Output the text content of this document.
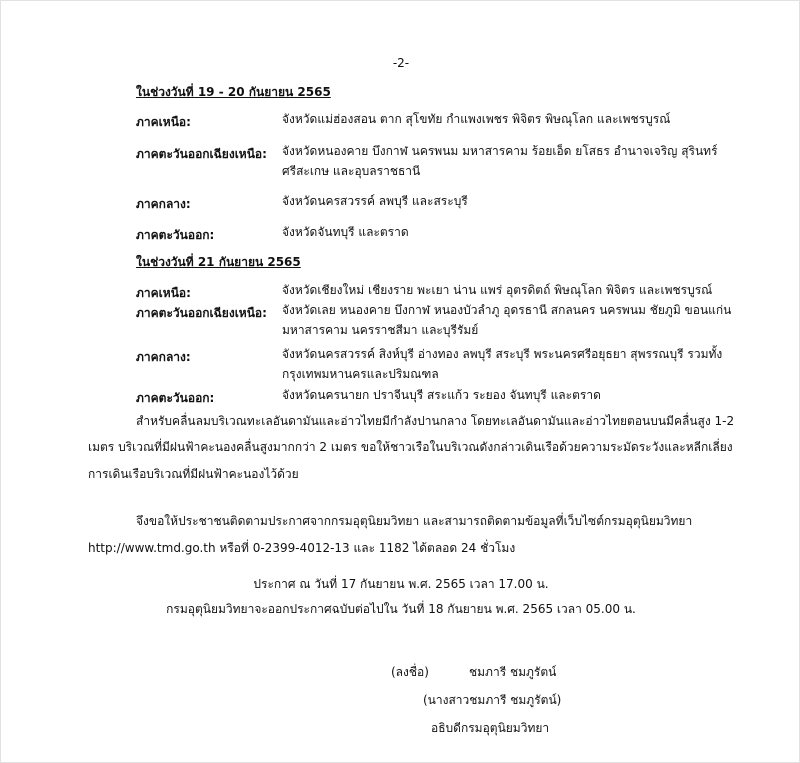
-2-
ในช่วงวันที่ 19 - 20 กันยายน 2565
ภาคเหนือ:	จังหวัดแม่ฮ่องสอน ตาก สุโขทัย กำแพงเพชร พิจิตร พิษณุโลก และเพชรบูรณ์
ภาคตะวันออกเฉียงเหนือ: จังหวัดหนองคาย บึงกาฬ นครพนม มหาสารคาม ร้อยเอ็ด ยโสธร อำนาจเจริญ สุรินทร์
ศรีสะเกษ และอุบลราชธานี
ภาคกลาง:	จังหวัดนครสวรรค์ ลพบุรี และสระบุรี
ภาคตะวันออก:	จังหวัดจันทบุรี และตราด
ในช่วงวันที่ 21 กันยายน 2565
ภาคเหนือ:	จังหวัดเชียงใหม่ เชียงราย พะเยา น่าน แพร่ อุตรดิตถ์ พิษณุโลก พิจิตร และเพชรบูรณ์
ภาคตะวันออกเฉียงเหนือ: จังหวัดเลย หนองคาย บึงกาฬ หนองบัวลำภู อุดรธานี สกลนคร นครพนม ชัยภูมิ ขอนแก่น
มหาสารคาม นครราชสีมา และบุรีรัมย์
ภาคกลาง:	จังหวัดนครสวรรค์ สิงห์บุรี อ่างทอง ลพบุรี สระบุรี พระนครศรีอยุธยา สุพรรณบุรี รวมทั้ง
กรุงเทพมหานครและปริมณฑล
ภาคตะวันออก:	จังหวัดนครนายก ปราจีนบุรี สระแก้ว ระยอง จันทบุรี และตราด
สำหรับคลื่นลมบริเวณทะเลอันดามันและอ่าวไทยมีกำลังปานกลาง โดยทะเลอันดามันและอ่าวไทยตอนบนมีคลื่นสูง 1-2
เมตร บริเวณที่มีฝนฟ้าคะนองคลื่นสูงมากกว่า 2 เมตร ขอให้ชาวเรือในบริเวณดังกล่าวเดินเรือด้วยความระมัดระวังและหลีกเลี่ยง
การเดินเรือบริเวณที่มีฝนฟ้าคะนองไว้ด้วย
จึงขอให้ประชาชนติดตามประกาศจากกรมอุตุนิยมวิทยา และสามารถติดตามข้อมูลที่เว็บไซต์กรมอุตุนิยมวิทยา
http://www.tmd.go.th หรือที่ 0-2399-4012-13 และ 1182 ได้ตลอด 24 ชั่วโมง
ประกาศ ณ วันที่ 17 กันยายน พ.ศ. 2565 เวลา 17.00 น.
กรมอุตุนิยมวิทยาจะออกประกาศฉบับต่อไปใน วันที่ 18 กันยายน พ.ศ. 2565 เวลา 05.00 น.
(ลงชื่อ)	ชมภารี ชมภูรัตน์
(นางสาวชมภารี ชมภูรัตน์)
อธิบดีกรมอุตุนิยมวิทยา
